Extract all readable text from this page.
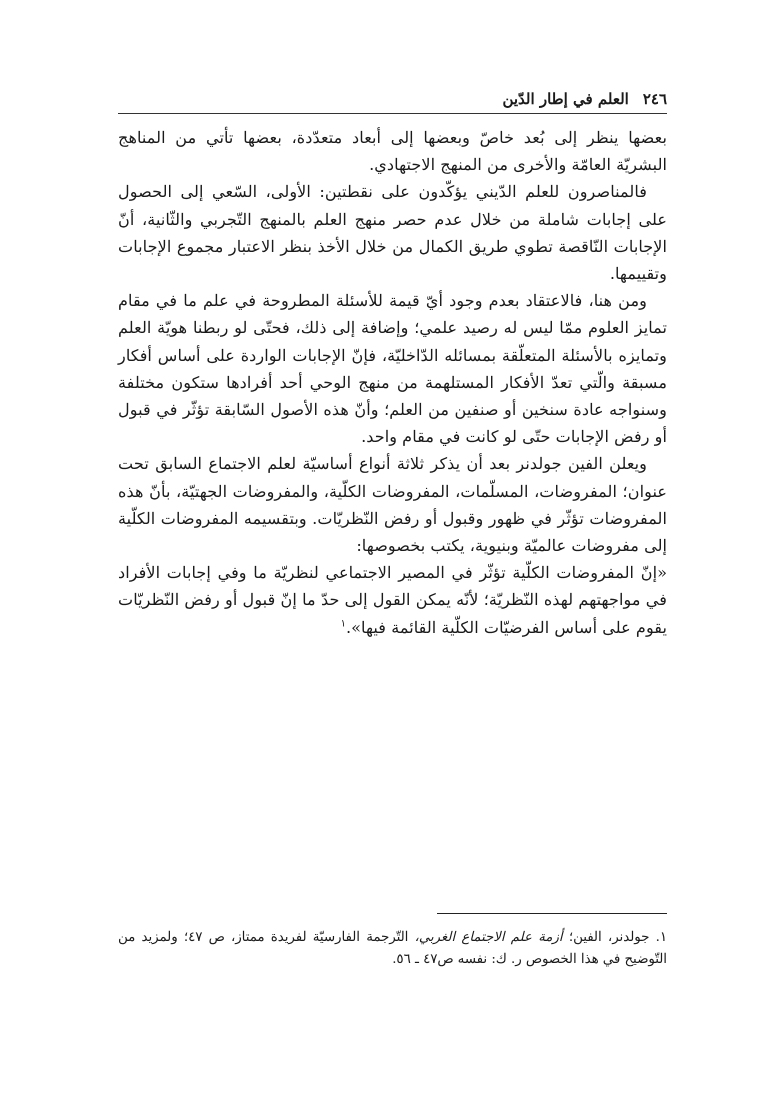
٢٤٦
العلم في إطار الدّين

بعضها ينظر إلى بُعد خاصّ وبعضها إلى أبعاد متعدّدة، بعضها تأتي من المناهج البشريّة العامّة والأخرى من المنهج الاجتهادي.

فالمناصرون للعلم الدّيني يؤكّدون على نقطتين: الأولى، السّعي إلى الحصول على إجابات شاملة من خلال عدم حصر منهج العلم بالمنهج التّجربي والثّانية، أنّ الإجابات النّاقصة تطوي طريق الكمال من خلال الأخذ بنظر الاعتبار مجموع الإجابات وتقييمها.

ومن هنا، فالاعتقاد بعدم وجود أيّ قيمة للأسئلة المطروحة في علم ما في مقام تمايز العلوم ممّا ليس له رصيد علمي؛ وإضافة إلى ذلك، فحتّى لو ربطنا هويّة العلم وتمايزه بالأسئلة المتعلّقة بمسائله الدّاخليّة، فإنّ الإجابات الواردة على أساس أفكار مسبقة والّتي تعدّ الأفكار المستلهمة من منهج الوحي أحد أفرادها ستكون مختلفة وسنواجه عادة سنخين أو صنفين من العلم؛ وأنّ هذه الأصول السّابقة تؤثّر في قبول أو رفض الإجابات حتّى لو كانت في مقام واحد.

ويعلن الفين جولدنر بعد أن يذكر ثلاثة أنواع أساسيّة لعلم الاجتماع السابق تحت عنوان؛ المفروضات، المسلّمات، المفروضات الكلّية، والمفروضات الجهتيّة، بأنّ هذه المفروضات تؤثّر في ظهور وقبول أو رفض النّظريّات. وبتقسيمه المفروضات الكلّية إلى مفروضات عالميّة وبنيوية، يكتب بخصوصها:

«إنّ المفروضات الكلّية تؤثّر في المصير الاجتماعي لنظريّة ما وفي إجابات الأفراد في مواجهتهم لهذه النّظريّة؛ لأنّه يمكن القول إلى حدّ ما إنّ قبول أو رفض النّظريّات يقوم على أساس الفرضيّات الكلّية القائمة فيها».$^١$

١. جولدنر، الفين؛ أزمة علم الاجتماع الغربي، التّرجمة الفارسيّة لفريدة ممتاز، ص ٤٧؛ ولمزيد من التّوضيح في هذا الخصوص ر. ك: نفسه ص٤٧ ـ ٥٦.
